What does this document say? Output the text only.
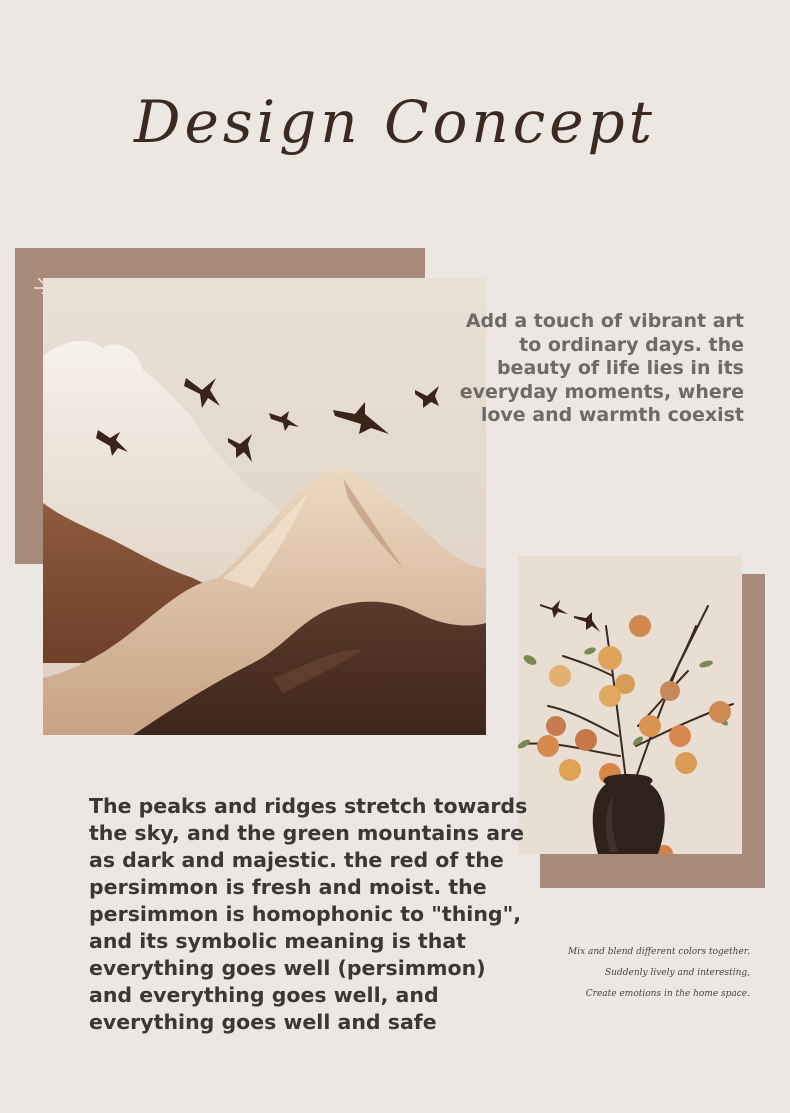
Design Concept

Add a touch of vibrant art to ordinary days. the beauty of life lies in its everyday moments, where love and warmth coexist

The peaks and ridges stretch towards the sky, and the green mountains are as dark and majestic. the red of the persimmon is fresh and moist. the persimmon is homophonic to "thing", and its symbolic meaning is that everything goes well (persimmon) and everything goes well, and everything goes well and safe

Mix and blend different colors together.
Suddenly lively and interesting,
Create emotions in the home space.
